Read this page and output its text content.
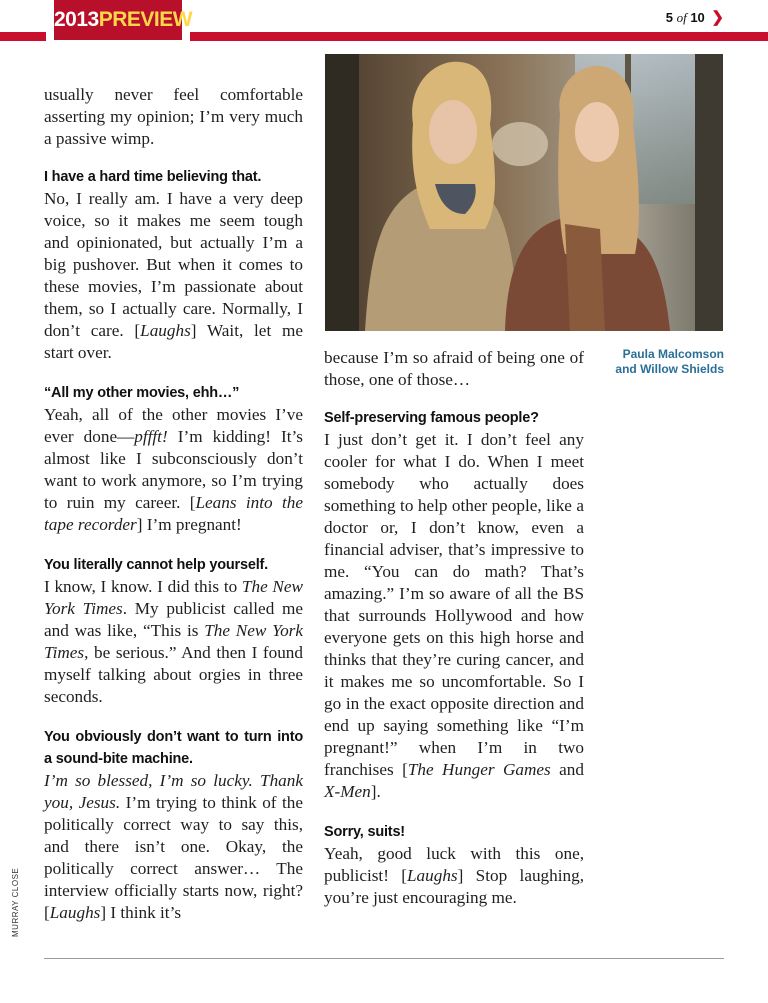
2013PREVIEW	5 of 10 ❯

usually never feel comfortable asserting my opinion; I’m very much a passive wimp.

I have a hard time believing that.

No, I really am. I have a very deep voice, so it makes me seem tough and opinionated, but actually I’m a big pushover. But when it comes to these movies, I’m passionate about them, so I actually care. Normally, I don’t care. [Laughs] Wait, let me start over.

“All my other movies, ehh…”

Yeah, all of the other movies I’ve ever done—pffft! I’m kidding! It’s almost like I subconsciously don’t want to work anymore, so I’m trying to ruin my career. [Leans into the tape recorder] I’m pregnant!

You literally cannot help yourself.

I know, I know. I did this to The New York Times. My publicist called me and was like, “This is The New York Times, be serious.” And then I found myself talking about orgies in three seconds.

You obviously don’t want to turn into a sound-bite machine.

I’m so blessed, I’m so lucky. Thank you, Jesus. I’m trying to think of the politically correct way to say this, and there isn’t one. Okay, the politically correct answer… The interview officially starts now, right? [Laughs] I think it’s

Paula Malcomson
and Willow Shields

because I’m so afraid of being one of those, one of those…

Self-preserving famous people?

I just don’t get it. I don’t feel any cooler for what I do. When I meet somebody who actually does something to help other people, like a doctor or, I don’t know, even a financial adviser, that’s impressive to me. “You can do math? That’s amazing.” I’m so aware of all the BS that surrounds Hollywood and how everyone gets on this high horse and thinks that they’re curing cancer, and it makes me so uncomfortable. So I go in the exact opposite direction and end up saying something like “I’m pregnant!” when I’m in two franchises [The Hunger Games and X-Men].

Sorry, suits!

Yeah, good luck with this one, publicist! [Laughs] Stop laughing, you’re just encouraging me.

MURRAY CLOSE
